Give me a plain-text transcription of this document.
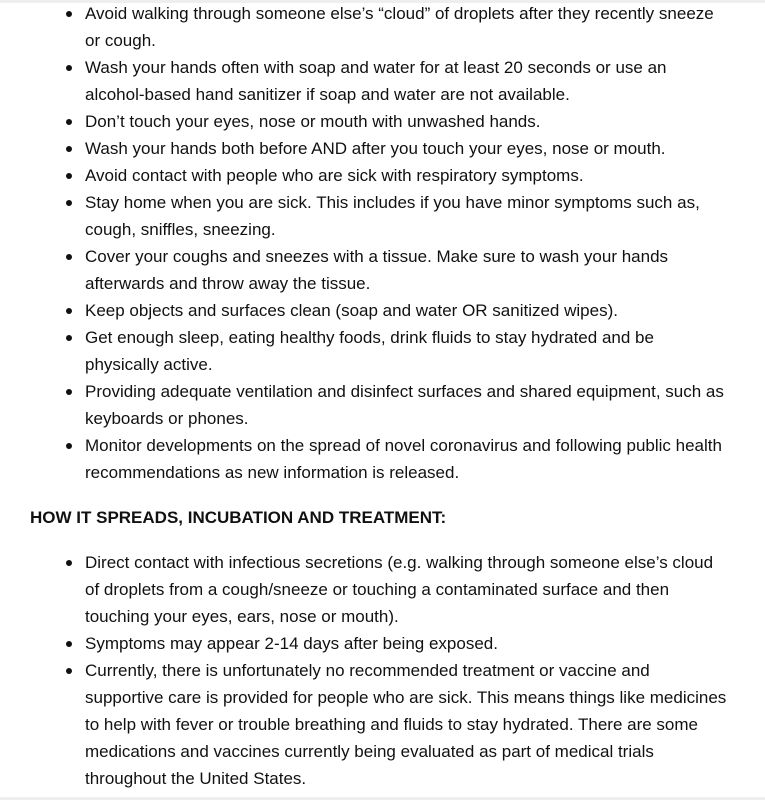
Avoid walking through someone else’s “cloud” of droplets after they recently sneeze or cough.
Wash your hands often with soap and water for at least 20 seconds or use an alcohol-based hand sanitizer if soap and water are not available.
Don’t touch your eyes, nose or mouth with unwashed hands.
Wash your hands both before AND after you touch your eyes, nose or mouth.
Avoid contact with people who are sick with respiratory symptoms.
Stay home when you are sick. This includes if you have minor symptoms such as, cough, sniffles, sneezing.
Cover your coughs and sneezes with a tissue. Make sure to wash your hands afterwards and throw away the tissue.
Keep objects and surfaces clean (soap and water OR sanitized wipes).
Get enough sleep, eating healthy foods, drink fluids to stay hydrated and be physically active.
Providing adequate ventilation and disinfect surfaces and shared equipment, such as keyboards or phones.
Monitor developments on the spread of novel coronavirus and following public health recommendations as new information is released.
HOW IT SPREADS, INCUBATION AND TREATMENT:
Direct contact with infectious secretions (e.g. walking through someone else’s cloud of droplets from a cough/sneeze or touching a contaminated surface and then touching your eyes, ears, nose or mouth).
Symptoms may appear 2-14 days after being exposed.
Currently, there is unfortunately no recommended treatment or vaccine and supportive care is provided for people who are sick. This means things like medicines to help with fever or trouble breathing and fluids to stay hydrated. There are some medications and vaccines currently being evaluated as part of medical trials throughout the United States.
